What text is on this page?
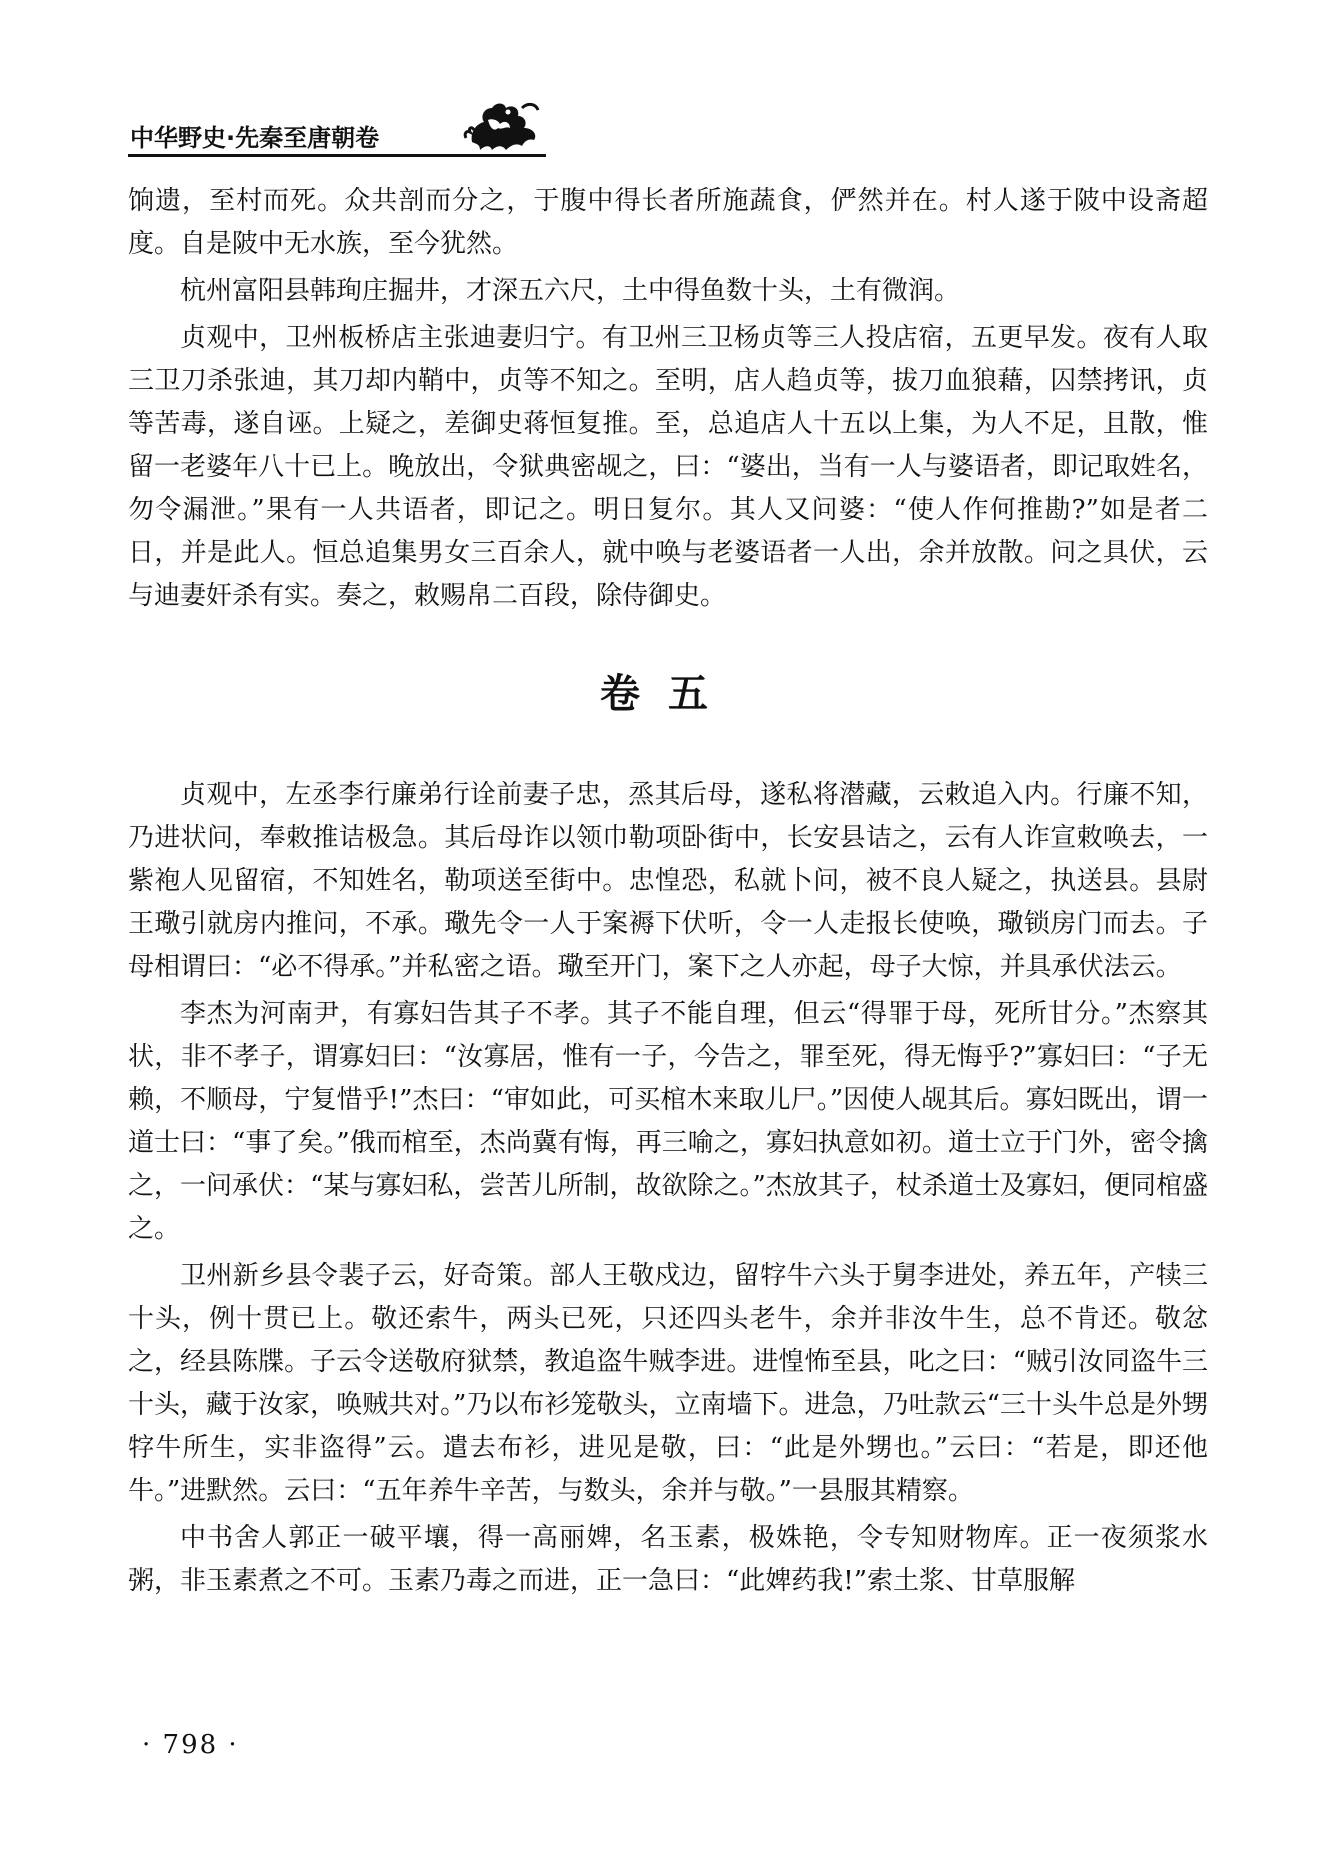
中华野史·先秦至唐朝卷

饷遗，至村而死。众共剖而分之，于腹中得长者所施蔬食，俨然并在。村人遂于陂中设斋超度。自是陂中无水族，至今犹然。

杭州富阳县韩珣庄掘井，才深五六尺，土中得鱼数十头，土有微润。

贞观中，卫州板桥店主张迪妻归宁。有卫州三卫杨贞等三人投店宿，五更早发。夜有人取三卫刀杀张迪，其刀却内鞘中，贞等不知之。至明，店人趋贞等，拔刀血狼藉，囚禁拷讯，贞等苦毒，遂自诬。上疑之，差御史蒋恒复推。至，总追店人十五以上集，为人不足，且散，惟留一老婆年八十已上。晚放出，令狱典密觇之，曰：“婆出，当有一人与婆语者，即记取姓名，勿令漏泄。”果有一人共语者，即记之。明日复尔。其人又问婆：“使人作何推勘?”如是者二日，并是此人。恒总追集男女三百余人，就中唤与老婆语者一人出，余并放散。问之具伏，云与迪妻奸杀有实。奏之，敕赐帛二百段，除侍御史。

卷五

贞观中，左丞李行廉弟行诠前妻子忠，烝其后母，遂私将潜藏，云敕追入内。行廉不知，乃进状问，奉敕推诘极急。其后母诈以领巾勒项卧街中，长安县诘之，云有人诈宣敕唤去，一紫袍人见留宿，不知姓名，勒项送至街中。忠惶恐，私就卜问，被不良人疑之，执送县。县尉王璥引就房内推问，不承。璥先令一人于案褥下伏听，令一人走报长使唤，璥锁房门而去。子母相谓曰：“必不得承。”并私密之语。璥至开门，案下之人亦起，母子大惊，并具承伏法云。

李杰为河南尹，有寡妇告其子不孝。其子不能自理，但云“得罪于母，死所甘分。”杰察其状，非不孝子，谓寡妇曰：“汝寡居，惟有一子，今告之，罪至死，得无悔乎?”寡妇曰：“子无赖，不顺母，宁复惜乎!”杰曰：“审如此，可买棺木来取儿尸。”因使人觇其后。寡妇既出，谓一道士曰：“事了矣。”俄而棺至，杰尚冀有悔，再三喻之，寡妇执意如初。道士立于门外，密令擒之，一问承伏：“某与寡妇私，尝苦儿所制，故欲除之。”杰放其子，杖杀道士及寡妇，便同棺盛之。

卫州新乡县令裴子云，好奇策。部人王敬戍边，留牸牛六头于舅李进处，养五年，产犊三十头，例十贯已上。敬还索牛，两头已死，只还四头老牛，余并非汝牛生，总不肯还。敬忿之，经县陈牒。子云令送敬府狱禁，教追盗牛贼李进。进惶怖至县，叱之曰：“贼引汝同盗牛三十头，藏于汝家，唤贼共对。”乃以布衫笼敬头，立南墙下。进急，乃吐款云“三十头牛总是外甥牸牛所生，实非盗得”云。遣去布衫，进见是敬，曰：“此是外甥也。”云曰：“若是，即还他牛。”进默然。云曰：“五年养牛辛苦，与数头，余并与敬。”一县服其精察。

中书舍人郭正一破平壤，得一高丽婢，名玉素，极姝艳，令专知财物库。正一夜须浆水粥，非玉素煮之不可。玉素乃毒之而进，正一急曰：“此婢药我!”索土浆、甘草服解

· 798 ·
